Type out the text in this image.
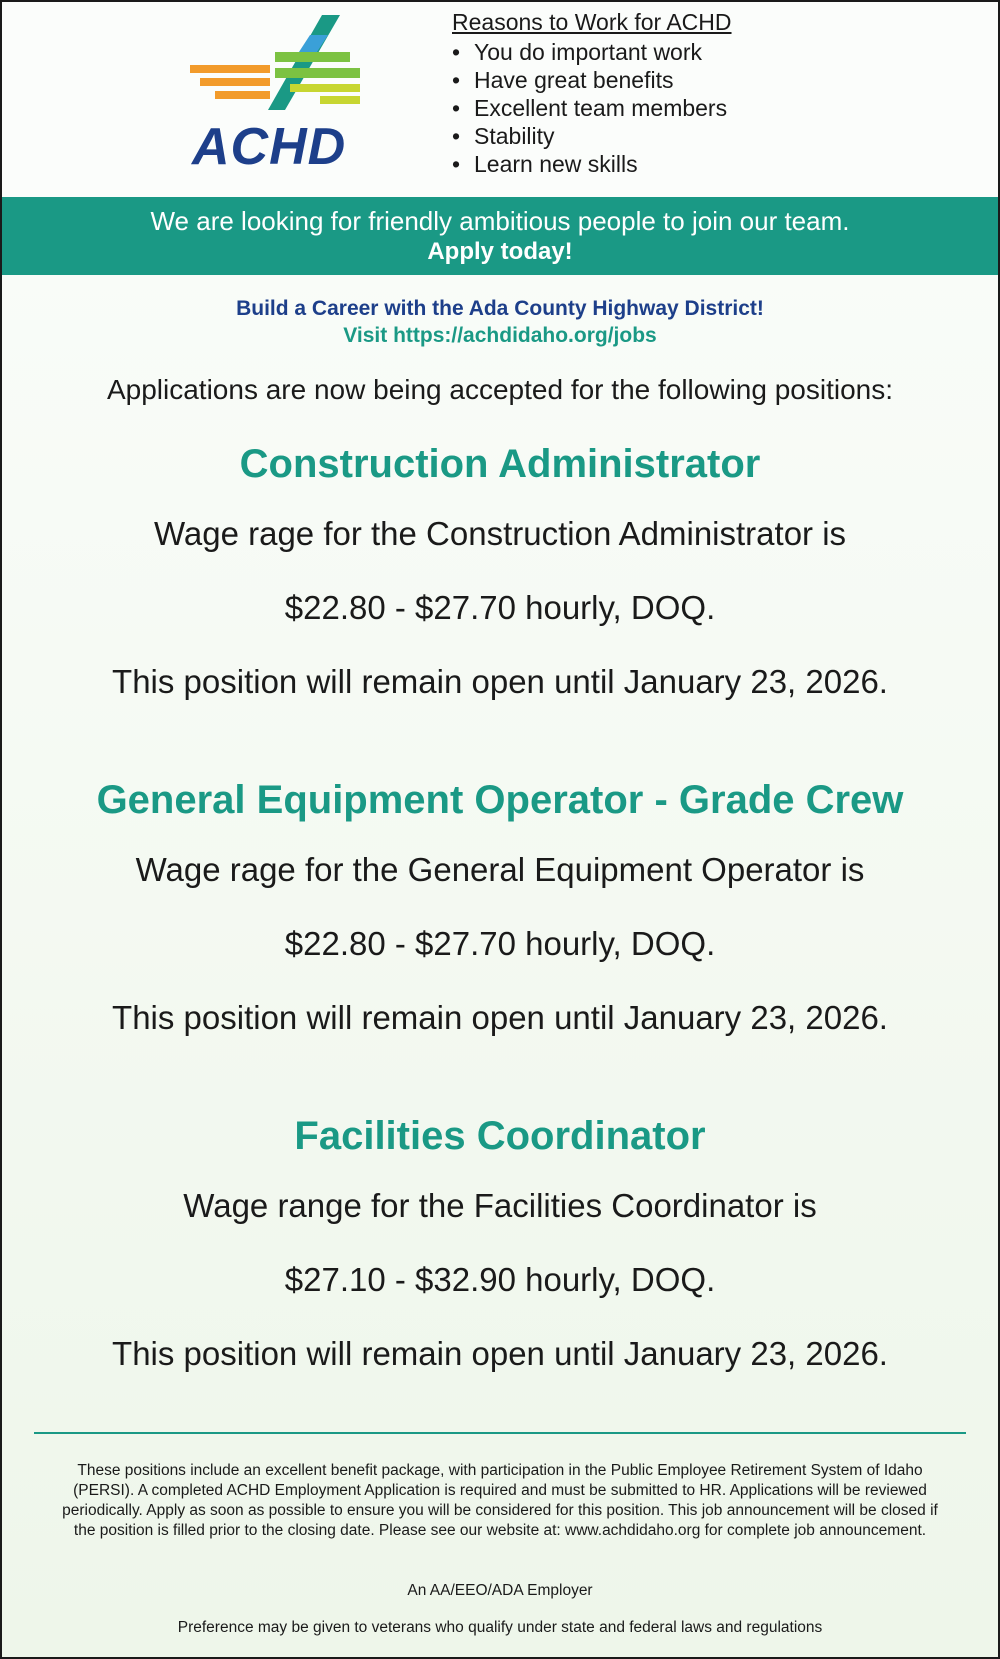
ACHD
Reasons to Work for ACHD
• You do important work
• Have great benefits
• Excellent team members
• Stability
• Learn new skills
We are looking for friendly ambitious people to join our team.
Apply today!
Build a Career with the Ada County Highway District!
Visit https://achdidaho.org/jobs
Applications are now being accepted for the following positions:
Construction Administrator
Wage rage for the Construction Administrator is
$22.80 - $27.70 hourly, DOQ.
This position will remain open until January 23, 2026.
General Equipment Operator - Grade Crew
Wage rage for the General Equipment Operator is
$22.80 - $27.70 hourly, DOQ.
This position will remain open until January 23, 2026.
Facilities Coordinator
Wage range for the Facilities Coordinator is
$27.10 - $32.90 hourly, DOQ.
This position will remain open until January 23, 2026.
These positions include an excellent benefit package, with participation in the Public Employee Retirement System of Idaho (PERSI). A completed ACHD Employment Application is required and must be submitted to HR. Applications will be reviewed periodically. Apply as soon as possible to ensure you will be considered for this position. This job announcement will be closed if the position is filled prior to the closing date. Please see our website at: www.achdidaho.org for complete job announcement.
An AA/EEO/ADA Employer
Preference may be given to veterans who qualify under state and federal laws and regulations
